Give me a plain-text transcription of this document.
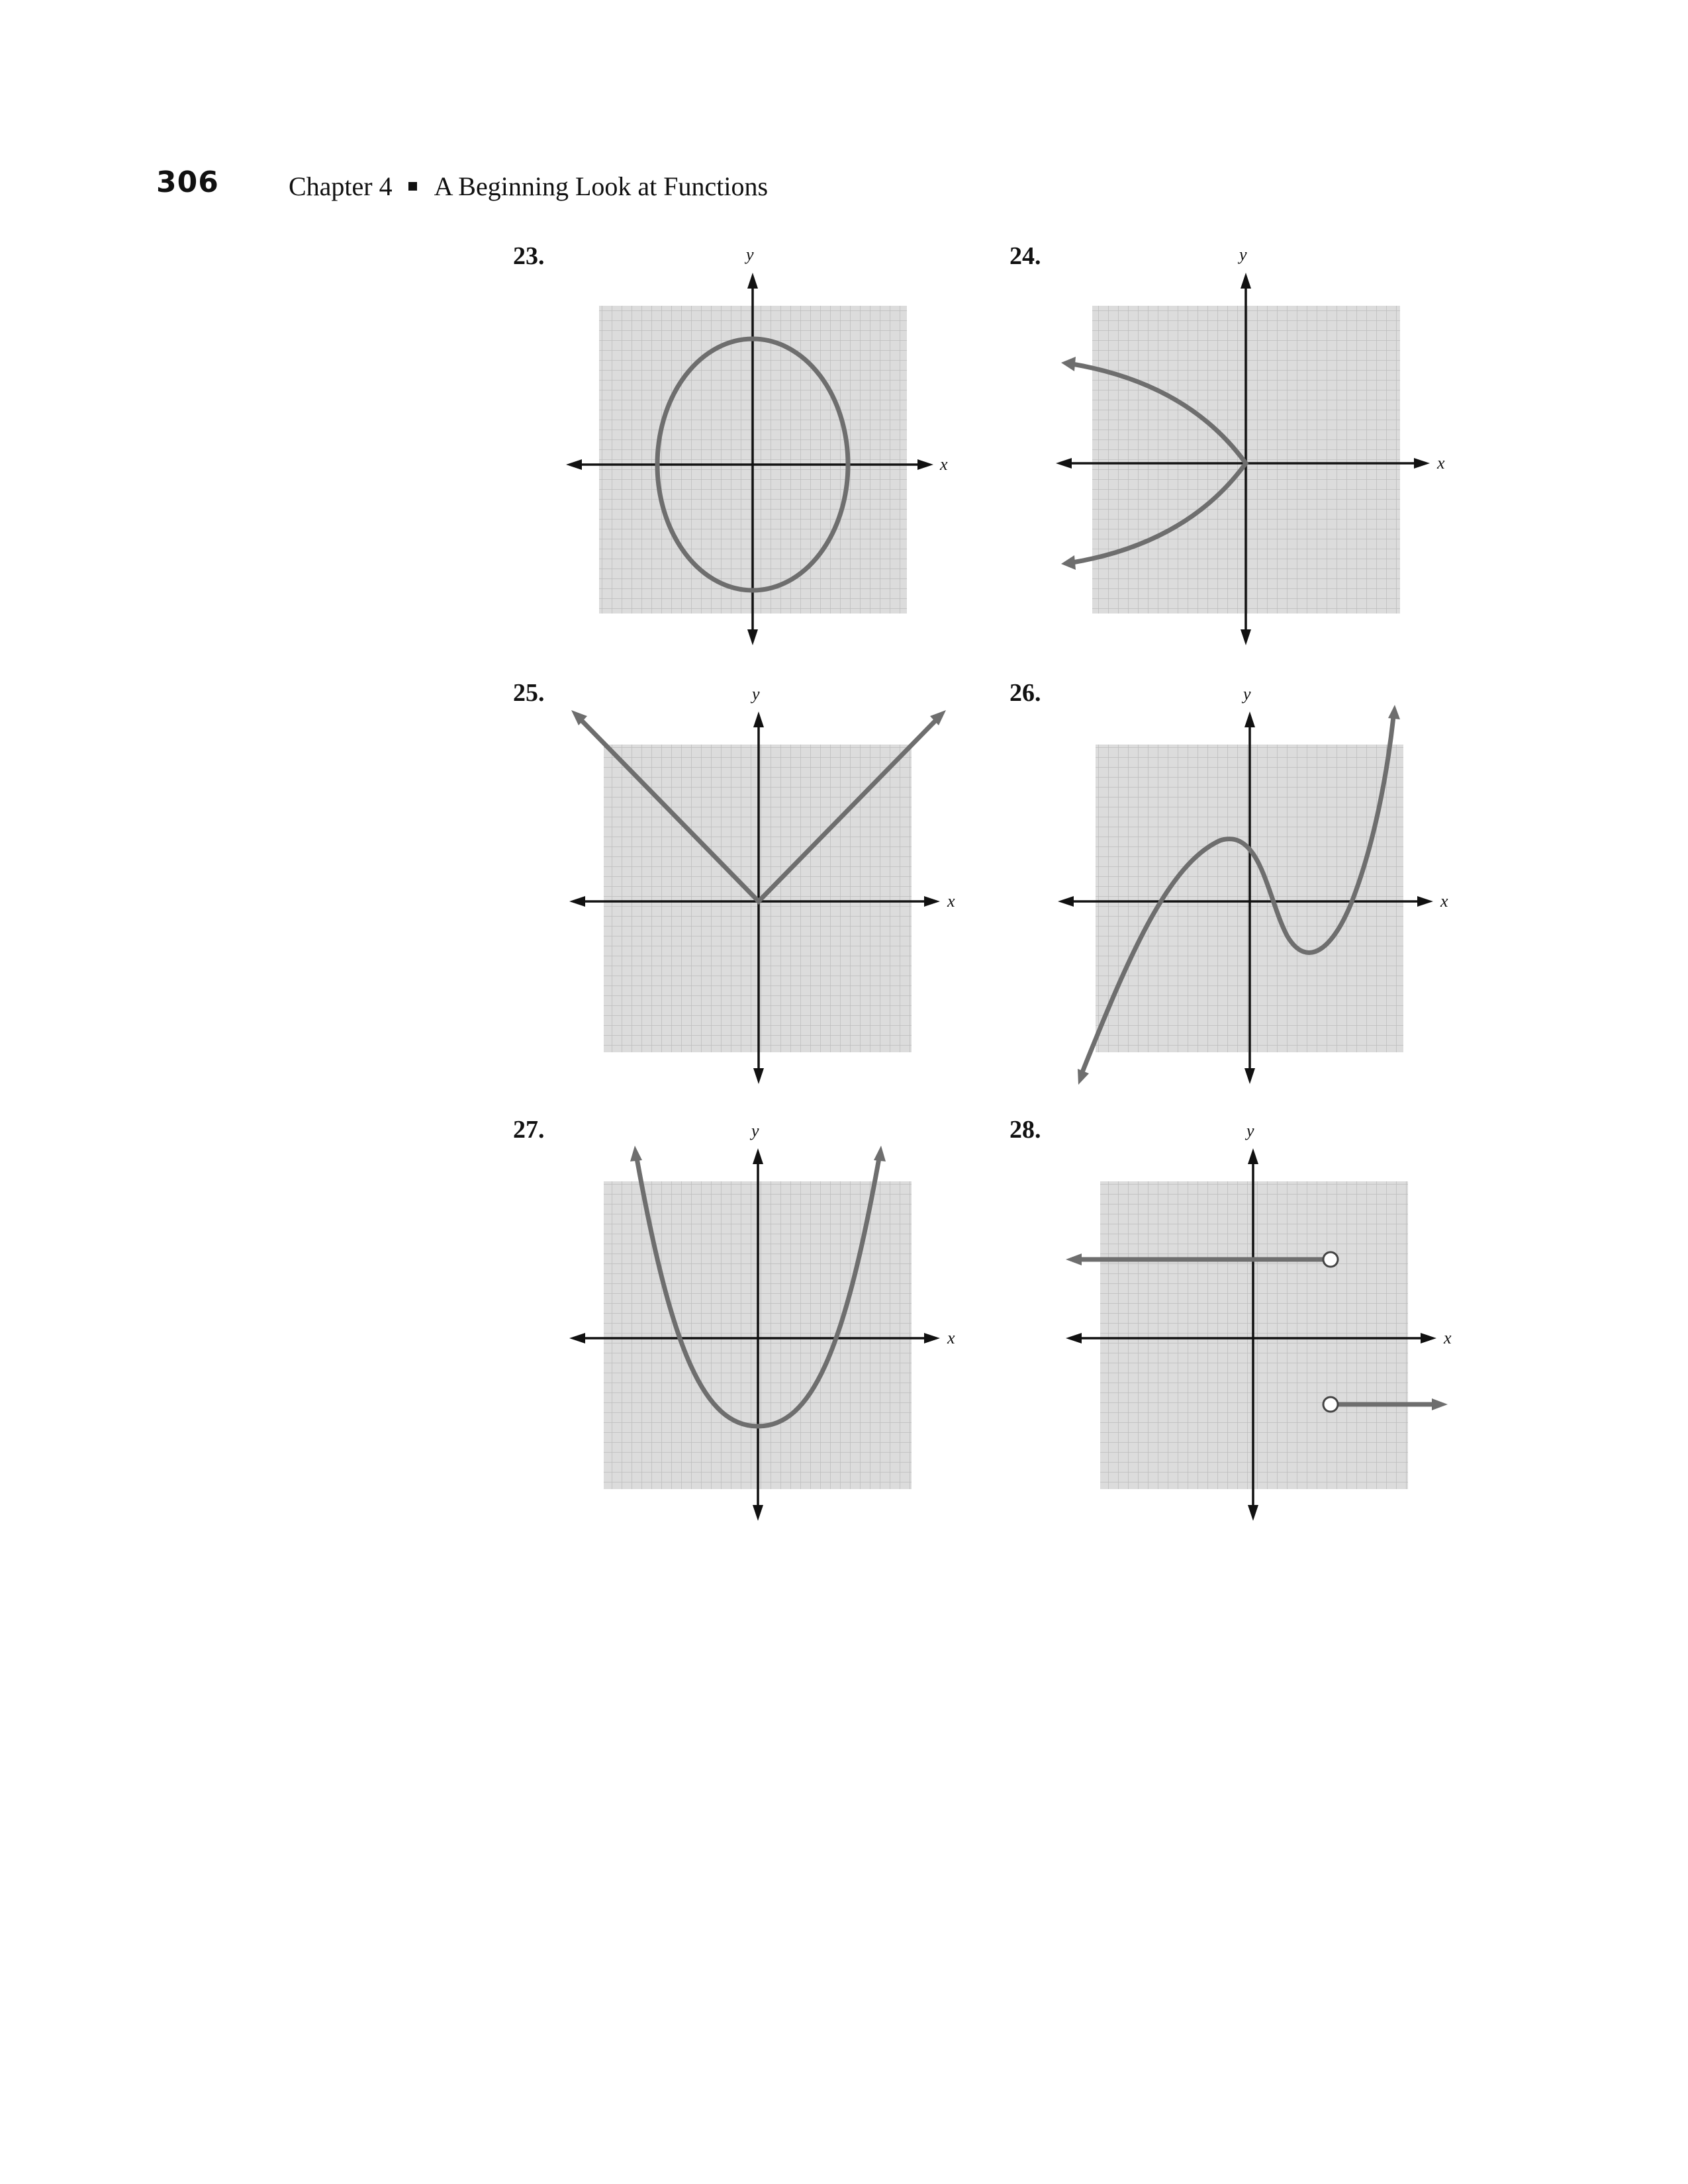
306	Chapter 4 A Beginning Look at Functions
23.
x
y	24.
x
y
25.
x
y	26.
x
y
27.
x
y	28.
x
y
